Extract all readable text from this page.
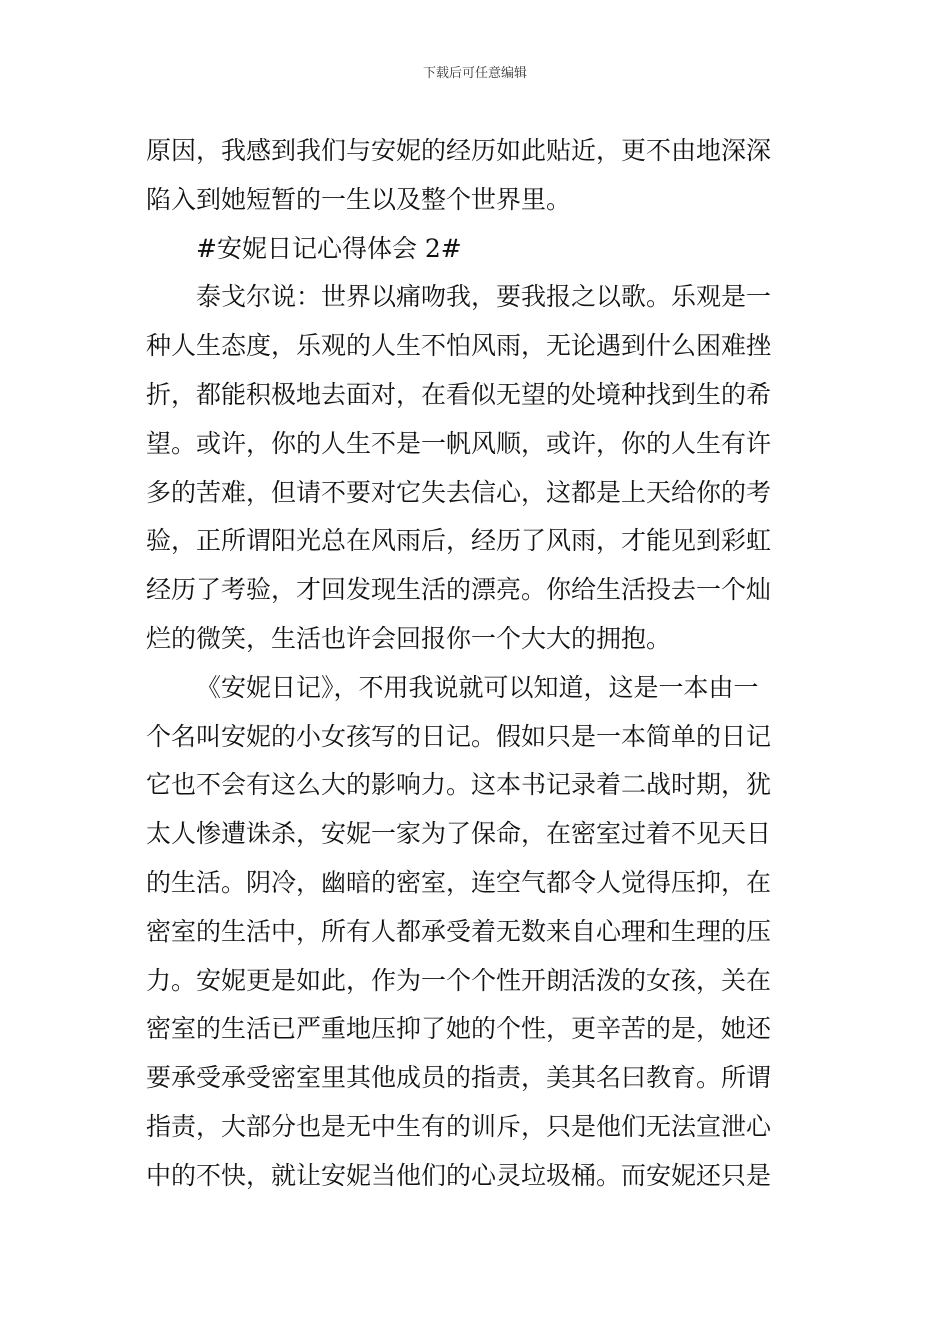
下载后可任意编辑
原因，我感到我们与安妮的经历如此贴近，更不由地深深
陷入到她短暂的一生以及整个世界里。
#安妮日记心得体会 2#
泰戈尔说：世界以痛吻我，要我报之以歌。乐观是一
种人生态度，乐观的人生不怕风雨，无论遇到什么困难挫
折，都能积极地去面对，在看似无望的处境种找到生的希
望。或许，你的人生不是一帆风顺，或许，你的人生有许
多的苦难，但请不要对它失去信心，这都是上天给你的考
验，正所谓阳光总在风雨后，经历了风雨，才能见到彩虹
经历了考验，才回发现生活的漂亮。你给生活投去一个灿
烂的微笑，生活也许会回报你一个大大的拥抱。
《安妮日记》，不用我说就可以知道，这是一本由一
个名叫安妮的小女孩写的日记。假如只是一本简单的日记
它也不会有这么大的影响力。这本书记录着二战时期，犹
太人惨遭诛杀，安妮一家为了保命，在密室过着不见天日
的生活。阴冷，幽暗的密室，连空气都令人觉得压抑，在
密室的生活中，所有人都承受着无数来自心理和生理的压
力。安妮更是如此，作为一个个性开朗活泼的女孩，关在
密室的生活已严重地压抑了她的个性，更辛苦的是，她还
要承受承受密室里其他成员的指责，美其名曰教育。所谓
指责，大部分也是无中生有的训斥，只是他们无法宣泄心
中的不快，就让安妮当他们的心灵垃圾桶。而安妮还只是
